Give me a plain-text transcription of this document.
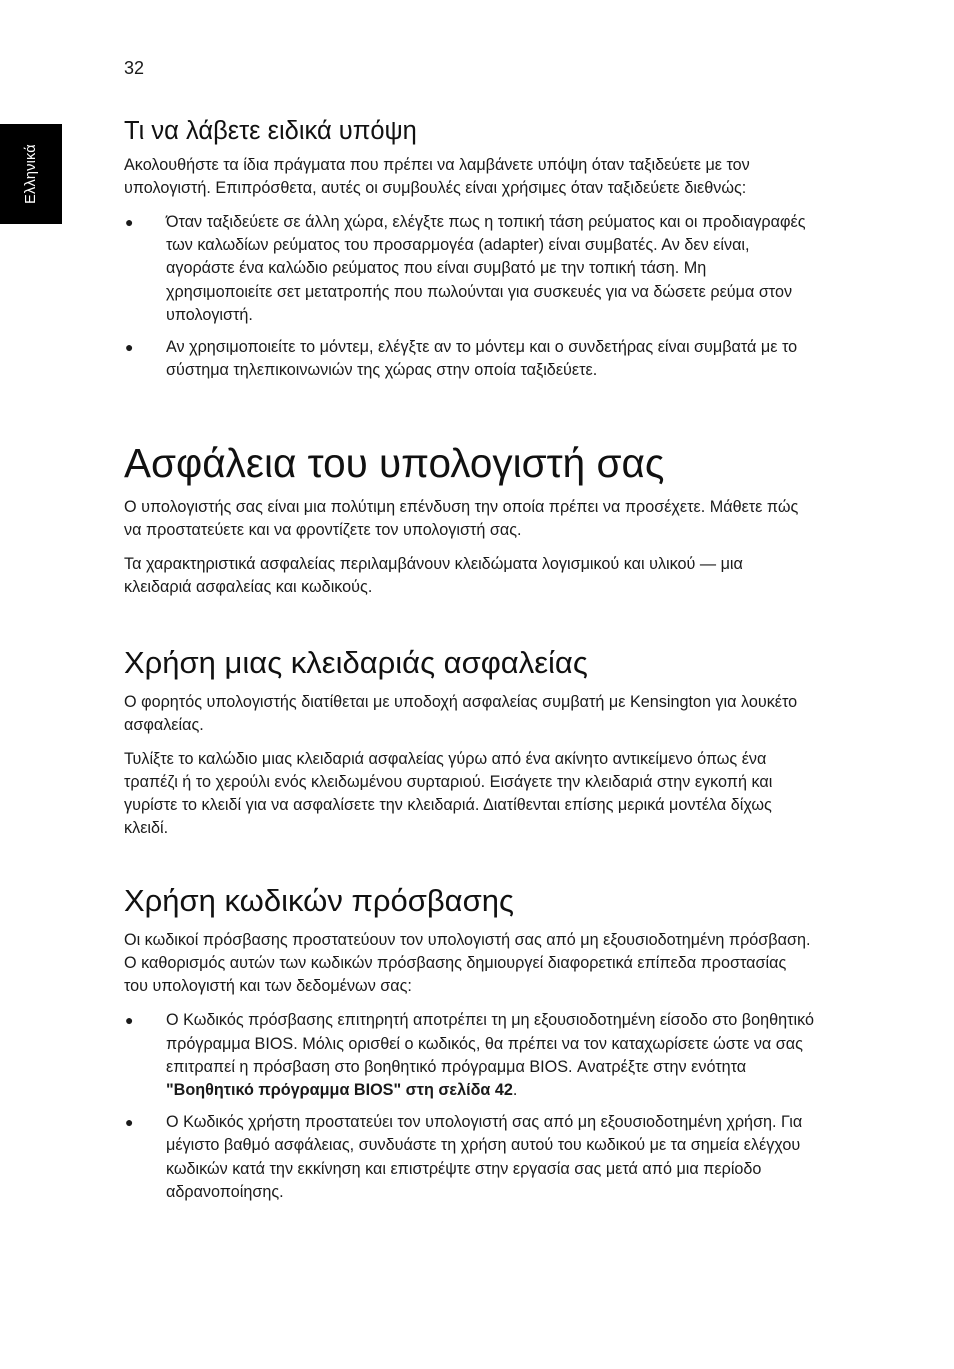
32
Ελληνικά
Τι να λάβετε ειδικά υπόψη

Ακολουθήστε τα ίδια πράγματα που πρέπει να λαμβάνετε υπόψη όταν ταξιδεύετε με τον υπολογιστή. Επιπρόσθετα, αυτές οι συμβουλές είναι χρήσιμες όταν ταξιδεύετε διεθνώς:

● Όταν ταξιδεύετε σε άλλη χώρα, ελέγξτε πως η τοπική τάση ρεύματος και οι προδιαγραφές των καλωδίων ρεύματος του προσαρμογέα (adapter) είναι συμβατές. Αν δεν είναι, αγοράστε ένα καλώδιο ρεύματος που είναι συμβατό με την τοπική τάση. Μη χρησιμοποιείτε σετ μετατροπής που πωλούνται για συσκευές για να δώσετε ρεύμα στον υπολογιστή.
● Αν χρησιμοποιείτε το μόντεμ, ελέγξτε αν το μόντεμ και ο συνδετήρας είναι συμβατά με το σύστημα τηλεπικοινωνιών της χώρας στην οποία ταξιδεύετε.
Ασφάλεια του υπολογιστή σας

Ο υπολογιστής σας είναι μια πολύτιμη επένδυση την οποία πρέπει να προσέχετε. Μάθετε πώς να προστατεύετε και να φροντίζετε τον υπολογιστή σας.

Τα χαρακτηριστικά ασφαλείας περιλαμβάνουν κλειδώματα λογισμικού και υλικού — μια κλειδαριά ασφαλείας και κωδικούς.

Χρήση μιας κλειδαριάς ασφαλείας

Ο φορητός υπολογιστής διατίθεται με υποδοχή ασφαλείας συμβατή με Kensington για λουκέτο ασφαλείας.

Τυλίξτε το καλώδιο μιας κλειδαριά ασφαλείας γύρω από ένα ακίνητο αντικείμενο όπως ένα τραπέζι ή το χερούλι ενός κλειδωμένου συρταριού. Εισάγετε την κλειδαριά στην εγκοπή και γυρίστε το κλειδί για να ασφαλίσετε την κλειδαριά. Διατίθενται επίσης μερικά μοντέλα δίχως κλειδί.

Χρήση κωδικών πρόσβασης

Οι κωδικοί πρόσβασης προστατεύουν τον υπολογιστή σας από μη εξουσιοδοτημένη πρόσβαση. Ο καθορισμός αυτών των κωδικών πρόσβασης δημιουργεί διαφορετικά επίπεδα προστασίας του υπολογιστή και των δεδομένων σας:

● Ο Κωδικός πρόσβασης επιτηρητή αποτρέπει τη μη εξουσιοδοτημένη είσοδο στο βοηθητικό πρόγραμμα BIOS. Μόλις ορισθεί ο κωδικός, θα πρέπει να τον καταχωρίσετε ώστε να σας επιτραπεί η πρόσβαση στο βοηθητικό πρόγραμμα BIOS. Ανατρέξτε στην ενότητα "Βοηθητικό πρόγραμμα BIOS" στη σελίδα 42.
● Ο Κωδικός χρήστη προστατεύει τον υπολογιστή σας από μη εξουσιοδοτημένη χρήση. Για μέγιστο βαθμό ασφάλειας, συνδυάστε τη χρήση αυτού του κωδικού με τα σημεία ελέγχου κωδικών κατά την εκκίνηση και επιστρέψτε στην εργασία σας μετά από μια περίοδο αδρανοποίησης.
